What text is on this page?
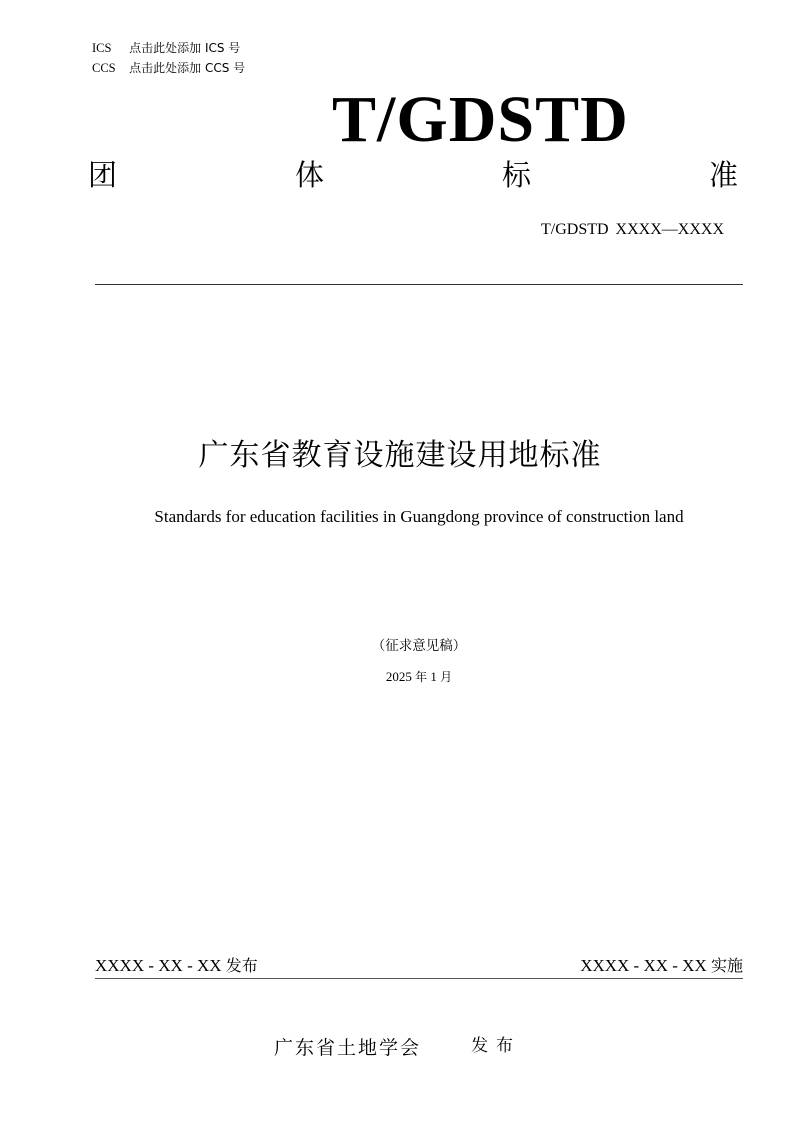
ICS 点击此处添加 ICS 号
CCS 点击此处添加 CCS 号
T/GDSTD
团	体	标	准
T/GDSTD XXXX—XXXX
广东省教育设施建设用地标准
Standards for education facilities in Guangdong province of construction land
（征求意见稿）
2025 年 1 月
XXXX - XX - XX 发布	XXXX - XX - XX 实施
广东省土地学会	发布
